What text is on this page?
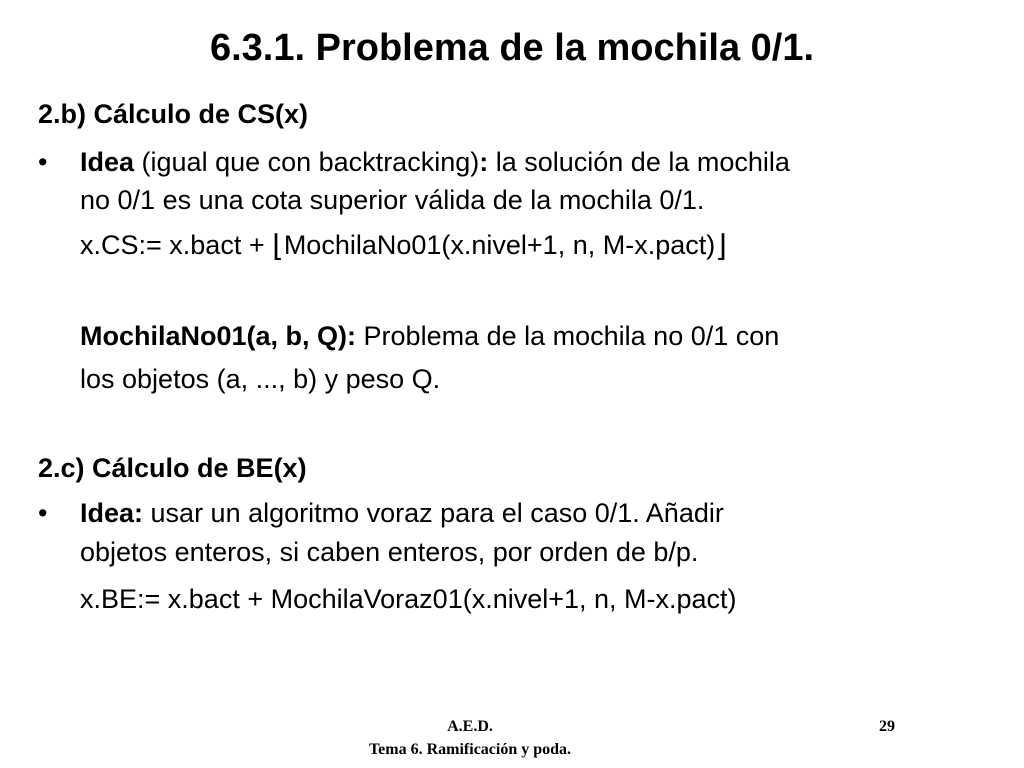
6.3.1. Problema de la mochila 0/1.
2.b) Cálculo de CS(x)
• Idea (igual que con backtracking): la solución de la mochila
no 0/1 es una cota superior válida de la mochila 0/1.
x.CS:= x.bact + ⌊MochilaNo01(x.nivel+1, n, M-x.pact)⌋
MochilaNo01(a, b, Q): Problema de la mochila no 0/1 con
los objetos (a, ..., b) y peso Q.
2.c) Cálculo de BE(x)
• Idea: usar un algoritmo voraz para el caso 0/1. Añadir
objetos enteros, si caben enteros, por orden de b/p.
x.BE:= x.bact + MochilaVoraz01(x.nivel+1, n, M-x.pact)
A.E.D.
Tema 6. Ramificación y poda.
29
